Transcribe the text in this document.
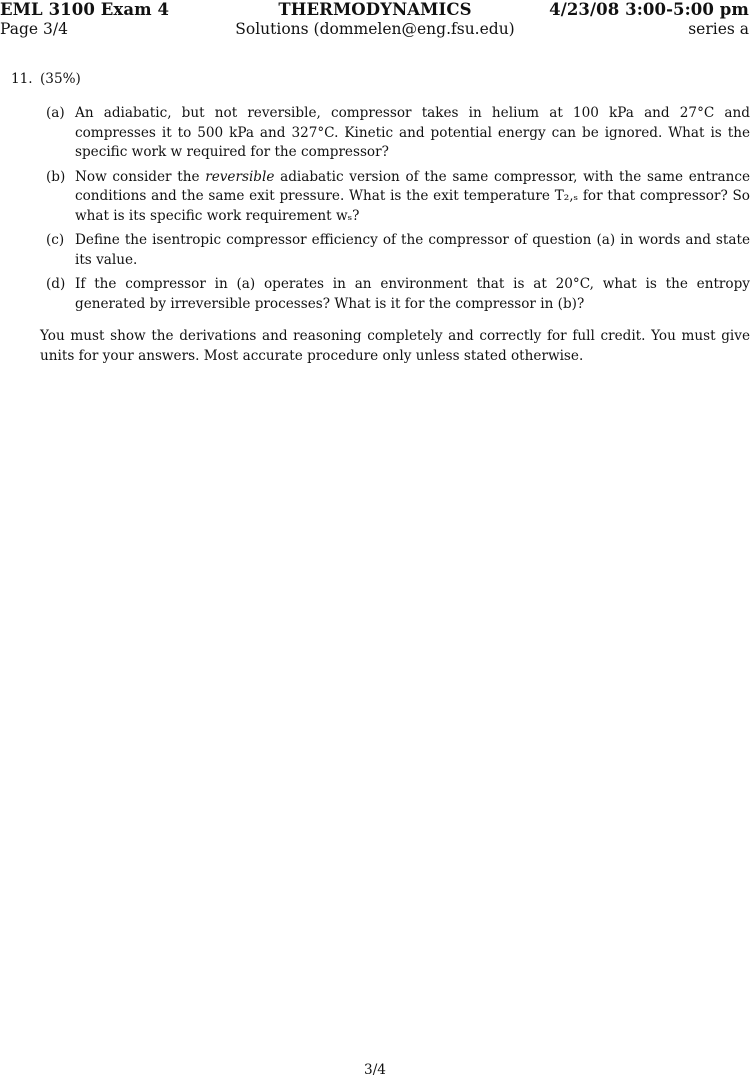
EML 3100 Exam 4	THERMODYNAMICS	4/23/08 3:00-5:00 pm
Page 3/4	Solutions (dommelen@eng.fsu.edu)	series a
11. (35%)
(a) An adiabatic, but not reversible, compressor takes in helium at 100 kPa and 27°C and compresses it to 500 kPa and 327°C. Kinetic and potential energy can be ignored. What is the specific work w required for the compressor?
(b) Now consider the reversible adiabatic version of the same compressor, with the same entrance conditions and the same exit pressure. What is the exit temperature T₂,ₛ for that compressor? So what is its specific work requirement wₛ?
(c) Define the isentropic compressor efficiency of the compressor of question (a) in words and state its value.
(d) If the compressor in (a) operates in an environment that is at 20°C, what is the entropy generated by irreversible processes? What is it for the compressor in (b)?
You must show the derivations and reasoning completely and correctly for full credit. You must give units for your answers. Most accurate procedure only unless stated otherwise.
3/4
